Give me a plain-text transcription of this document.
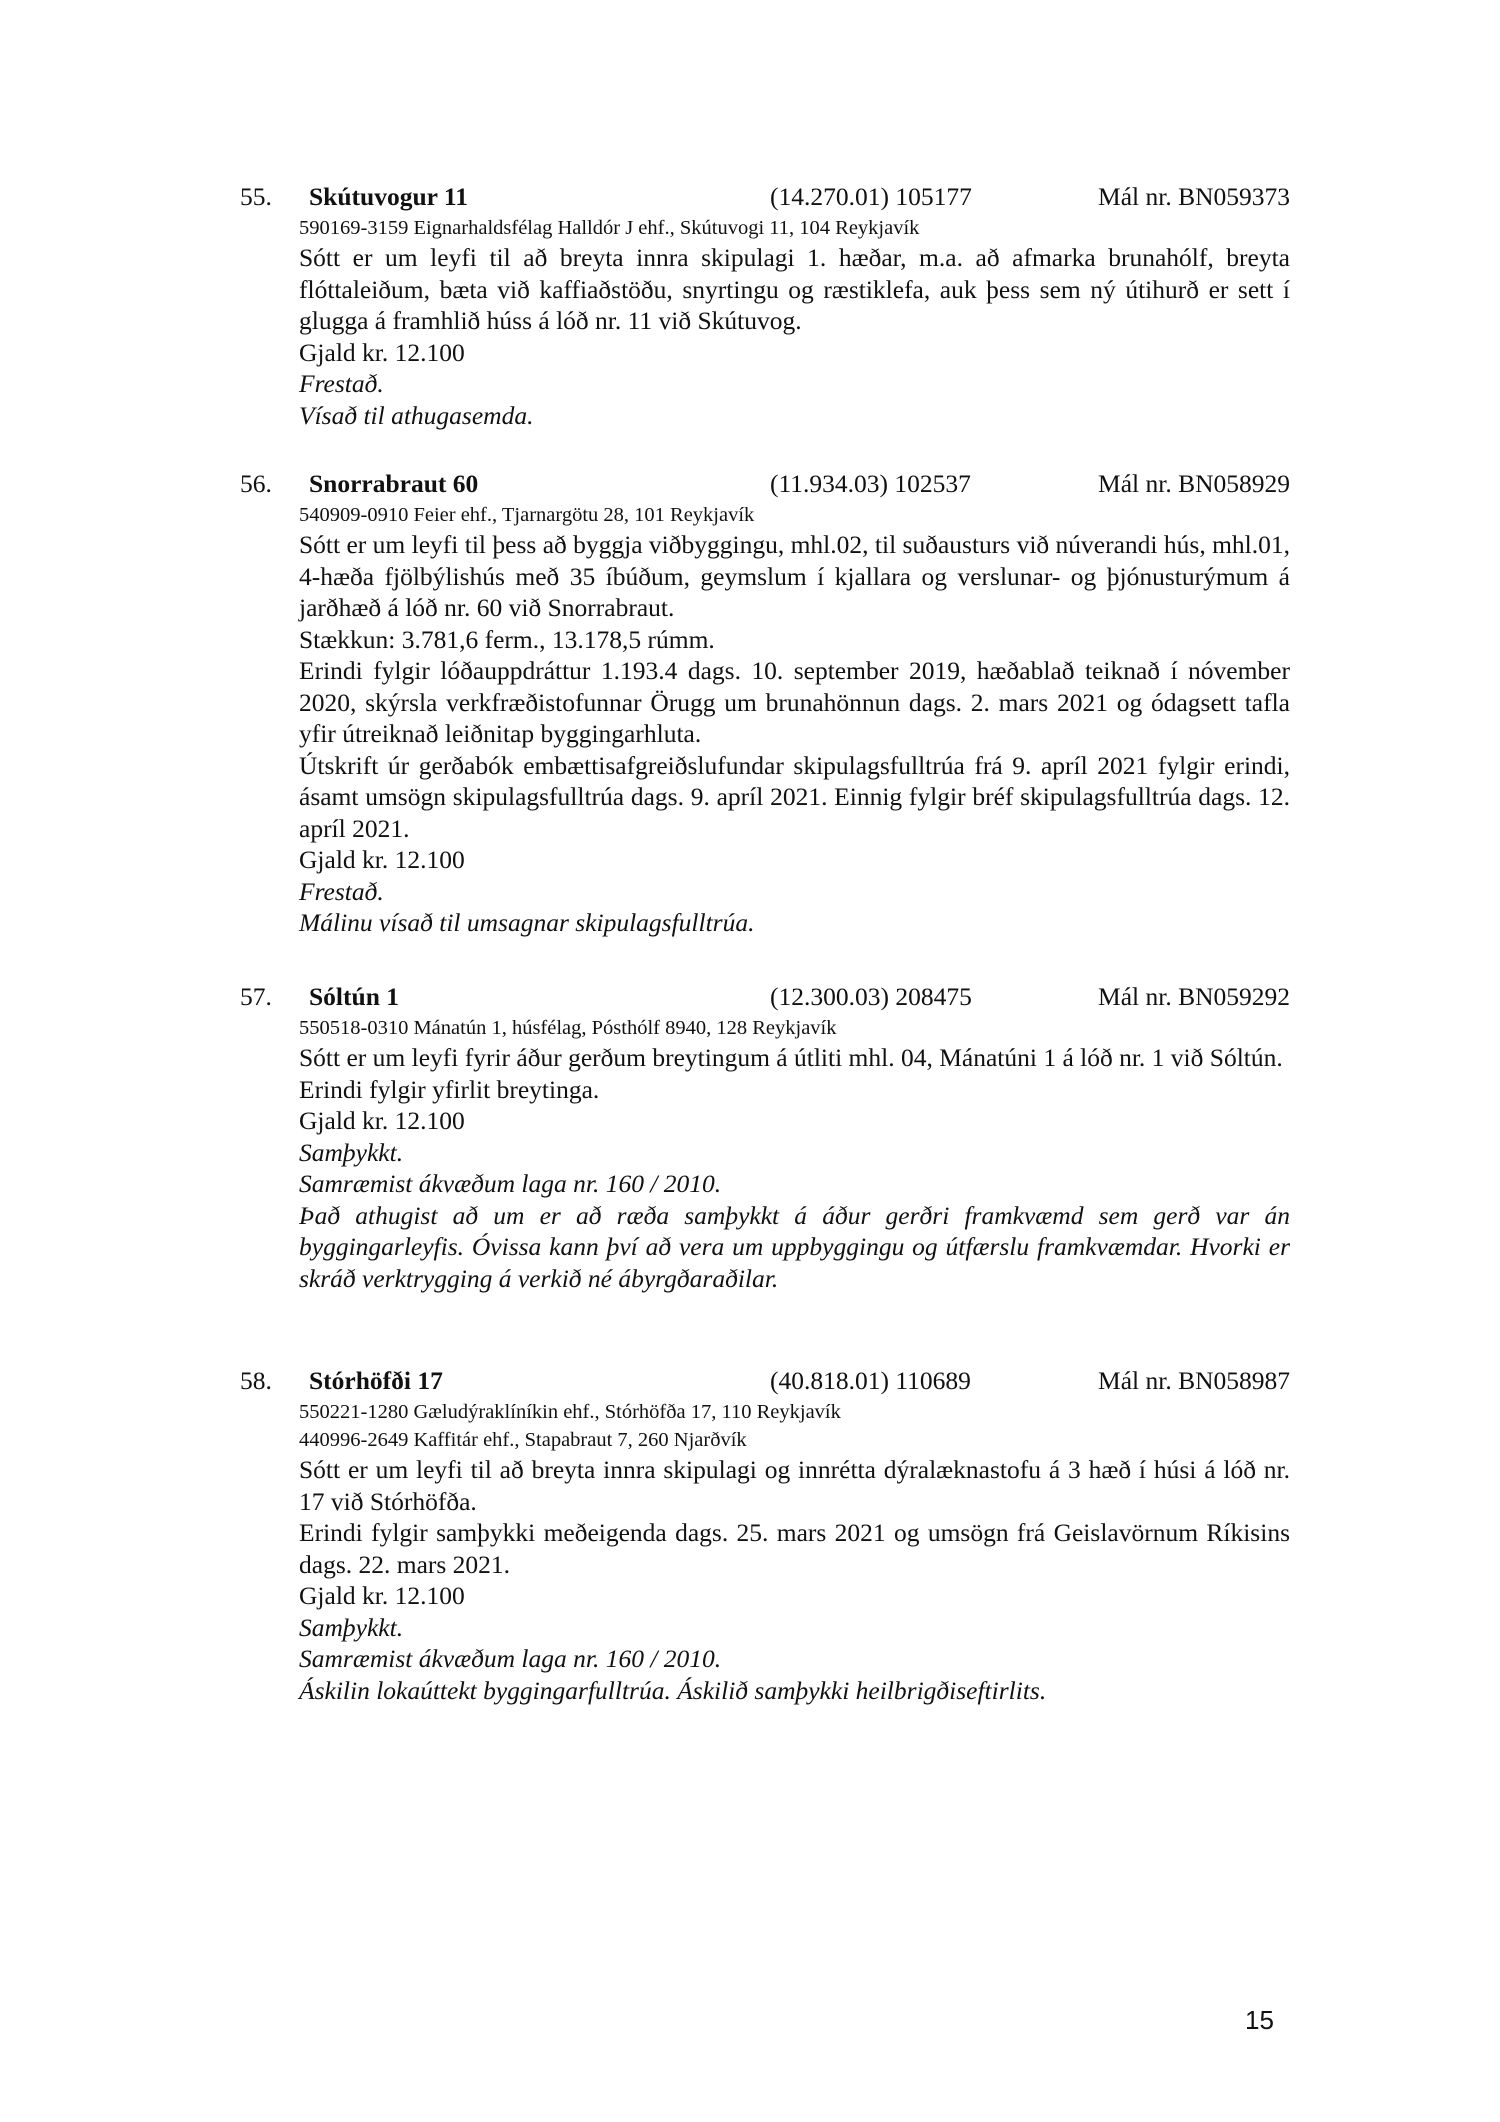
55. Skútuvogur 11	(14.270.01) 105177	Mál nr. BN059373
590169-3159 Eignarhaldsfélag Halldór J ehf., Skútuvogi 11, 104 Reykjavík
Sótt er um leyfi til að breyta innra skipulagi 1. hæðar, m.a. að afmarka brunahólf, breyta flóttaleiðum, bæta við kaffiaðstöðu, snyrtingu og ræstiklefa, auk þess sem ný útihurð er sett í glugga á framhlið húss á lóð nr. 11 við Skútuvog.
Gjald kr. 12.100
Frestað.
Vísað til athugasemda.
56. Snorrabraut 60	(11.934.03) 102537	Mál nr. BN058929
540909-0910 Feier ehf., Tjarnargötu 28, 101 Reykjavík
Sótt er um leyfi til þess að byggja viðbyggingu, mhl.02, til suðausturs við núverandi hús, mhl.01, 4-hæða fjölbýlishús með 35 íbúðum, geymslum í kjallara og verslunar- og þjónusturýmum á jarðhæð á lóð nr. 60 við Snorrabraut.
Stækkun: 3.781,6 ferm., 13.178,5 rúmm.
Erindi fylgir lóðauppdráttur 1.193.4 dags. 10. september 2019, hæðablað teiknað í nóvember 2020, skýrsla verkfræðistofunnar Örugg um brunahönnun dags. 2. mars 2021 og ódagsett tafla yfir útreiknað leiðnitap byggingarhluta.
Útskrift úr gerðabók embættisafgreiðslufundar skipulagsfulltrúa frá 9. apríl 2021 fylgir erindi, ásamt umsögn skipulagsfulltrúa dags. 9. apríl 2021. Einnig fylgir bréf skipulagsfulltrúa dags. 12. apríl 2021.
Gjald kr. 12.100
Frestað.
Málinu vísað til umsagnar skipulagsfulltrúa.
57. Sóltún 1	(12.300.03) 208475	Mál nr. BN059292
550518-0310 Mánatún 1, húsfélag, Pósthólf 8940, 128 Reykjavík
Sótt er um leyfi fyrir áður gerðum breytingum á útliti mhl. 04, Mánatúni 1 á lóð nr. 1 við Sóltún.
Erindi fylgir yfirlit breytinga.
Gjald kr. 12.100
Samþykkt.
Samræmist ákvæðum laga nr. 160 / 2010.
Það athugist að um er að ræða samþykkt á áður gerðri framkvæmd sem gerð var án byggingarleyfis. Óvissa kann því að vera um uppbyggingu og útfærslu framkvæmdar. Hvorki er skráð verktrygging á verkið né ábyrgðaraðilar.
58. Stórhöfði 17	(40.818.01) 110689	Mál nr. BN058987
550221-1280 Gæludýraklíníkin ehf., Stórhöfða 17, 110 Reykjavík
440996-2649 Kaffitár ehf., Stapabraut 7, 260 Njarðvík
Sótt er um leyfi til að breyta innra skipulagi og innrétta dýralæknastofu á 3 hæð í húsi á lóð nr. 17 við Stórhöfða.
Erindi fylgir samþykki meðeigenda dags. 25. mars 2021 og umsögn frá Geislavörnum Ríkisins dags. 22. mars 2021.
Gjald kr. 12.100
Samþykkt.
Samræmist ákvæðum laga nr. 160 / 2010.
Áskilin lokaúttekt byggingarfulltrúa. Áskilið samþykki heilbrigðiseftirlits.
15
